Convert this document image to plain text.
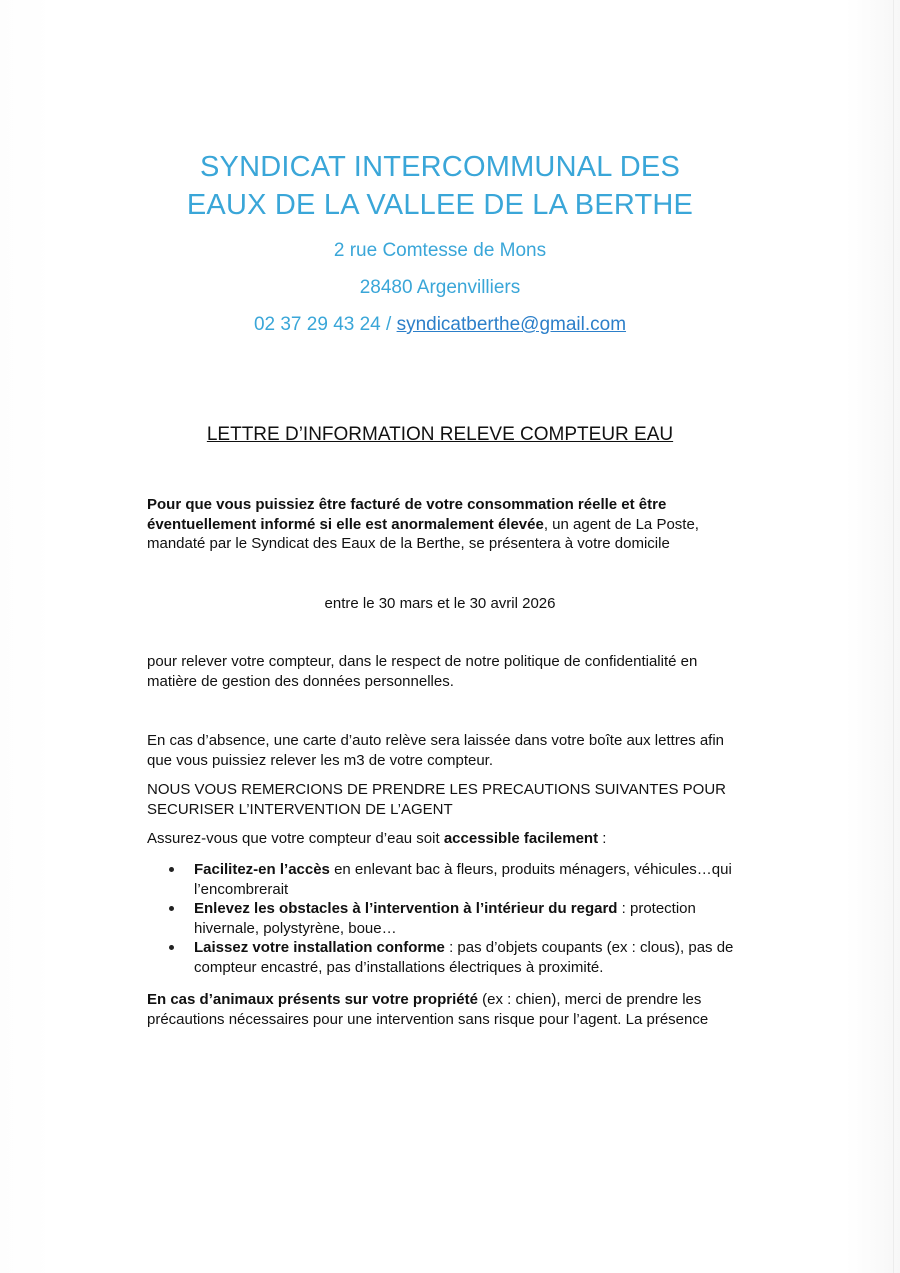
SYNDICAT INTERCOMMUNAL DES
EAUX DE LA VALLEE DE LA BERTHE
2 rue Comtesse de Mons
28480 Argenvilliers
02 37 29 43 24 / syndicatberthe@gmail.com
LETTRE D’INFORMATION RELEVE COMPTEUR EAU
Pour que vous puissiez être facturé de votre consommation réelle et être éventuellement informé si elle est anormalement élevée, un agent de La Poste, mandaté par le Syndicat des Eaux de la Berthe, se présentera à votre domicile
entre le 30 mars et le 30 avril 2026
pour relever votre compteur, dans le respect de notre politique de confidentialité en matière de gestion des données personnelles.
En cas d’absence, une carte d’auto relève sera laissée dans votre boîte aux lettres afin que vous puissiez relever les m3 de votre compteur.
NOUS VOUS REMERCIONS DE PRENDRE LES PRECAUTIONS SUIVANTES POUR SECURISER L’INTERVENTION DE L’AGENT
Assurez-vous que votre compteur d’eau soit accessible facilement :
Facilitez-en l’accès en enlevant bac à fleurs, produits ménagers, véhicules…qui l’encombrerait
Enlevez les obstacles à l’intervention à l’intérieur du regard : protection hivernale, polystyrène, boue…
Laissez votre installation conforme : pas d’objets coupants (ex : clous), pas de compteur encastré, pas d’installations électriques à proximité.
En cas d’animaux présents sur votre propriété (ex : chien), merci de prendre les précautions nécessaires pour une intervention sans risque pour l’agent. La présence
